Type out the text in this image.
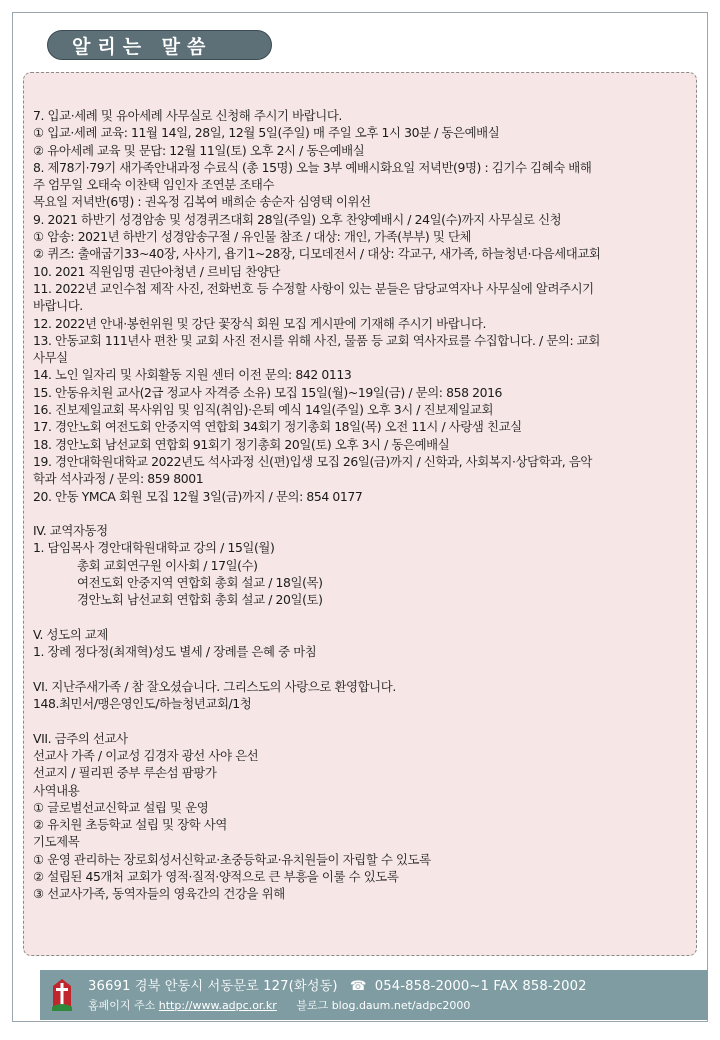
알리는 말씀
7. 입교·세례 및 유아세례 사무실로 신청해 주시기 바랍니다.
① 입교·세례 교육: 11월 14일, 28일, 12월 5일(주일) 매 주일 오후 1시 30분 / 동은예배실
② 유아세례 교육 및 문답: 12월 11일(토) 오후 2시 / 동은예배실
8. 제78기·79기 새가족안내과정 수료식 (총 15명) 오늘 3부 예배시화요일 저녁반(9명) : 김기수 김혜숙 배해
주 엄무일 오태숙 이찬택 임인자 조연분 조태수
목요일 저녁반(6명) : 권옥정 김복여 배희순 송순자 심영택 이위선
9. 2021 하반기 성경암송 및 성경퀴즈대회 28일(주일) 오후 찬양예배시 / 24일(수)까지 사무실로 신청
① 암송: 2021년 하반기 성경암송구절 / 유인물 참조 / 대상: 개인, 가족(부부) 및 단체
② 퀴즈: 출애굽기33~40장, 사사기, 욥기1~28장, 디모데전서 / 대상: 각교구, 새가족, 하늘청년·다음세대교회
10. 2021 직원임명 권단아청년 / 르비딤 찬양단
11. 2022년 교인수첩 제작 사진, 전화번호 등 수정할 사항이 있는 분들은 담당교역자나 사무실에 알려주시기
바랍니다.
12. 2022년 안내·봉헌위원 및 강단 꽃장식 회원 모집 게시판에 기재해 주시기 바랍니다.
13. 안동교회 111년사 편찬 및 교회 사진 전시를 위해 사진, 물품 등 교회 역사자료를 수집합니다. / 문의: 교회
사무실
14. 노인 일자리 및 사회활동 지원 센터 이전 문의: 842 0113
15. 안동유치원 교사(2급 정교사 자격증 소유) 모집 15일(월)~19일(금) / 문의: 858 2016
16. 진보제일교회 목사위임 및 임직(취임)·은퇴 예식 14일(주일) 오후 3시 / 진보제일교회
17. 경안노회 여전도회 안중지역 연합회 34회기 정기총회 18일(목) 오전 11시 / 사랑샘 친교실
18. 경안노회 남선교회 연합회 91회기 정기총회 20일(토) 오후 3시 / 동은예배실
19. 경안대학원대학교 2022년도 석사과정 신(편)입생 모집 26일(금)까지 / 신학과, 사회복지·상담학과, 음악
학과 석사과정 / 문의: 859 8001
20. 안동 YMCA 회원 모집 12월 3일(금)까지 / 문의: 854 0177
IV. 교역자동정
1. 담임목사 경안대학원대학교 강의 / 15일(월)
총회 교회연구원 이사회 / 17일(수)
여전도회 안중지역 연합회 총회 설교 / 18일(목)
경안노회 남선교회 연합회 총회 설교 / 20일(토)
V. 성도의 교제
1. 장례 정다정(최재혁)성도 별세 / 장례를 은혜 중 마침
VI. 지난주새가족 / 참 잘오셨습니다. 그리스도의 사랑으로 환영합니다.
148.최민서/맹은영인도/하늘청년교회/1청
VII. 금주의 선교사
선교사 가족 / 이교성 김경자 광선 사야 은선
선교지 / 필리핀 중부 루손섬 팜팡가
사역내용
① 글로벌선교신학교 설립 및 운영
② 유치원 초등학교 설립 및 장학 사역
기도제목
① 운영 관리하는 장로회성서신학교·초중등학교·유치원들이 자립할 수 있도록
② 설립된 45개처 교회가 영적·질적·양적으로 큰 부흥을 이룰 수 있도록
③ 선교사가족, 동역자들의 영육간의 건강을 위해
36691 경북 안동시 서동문로 127(화성동) ☎ 054-858-2000~1 FAX 858-2002
홈페이지 주소 http://www.adpc.or.kr 블로그 blog.daum.net/adpc2000
